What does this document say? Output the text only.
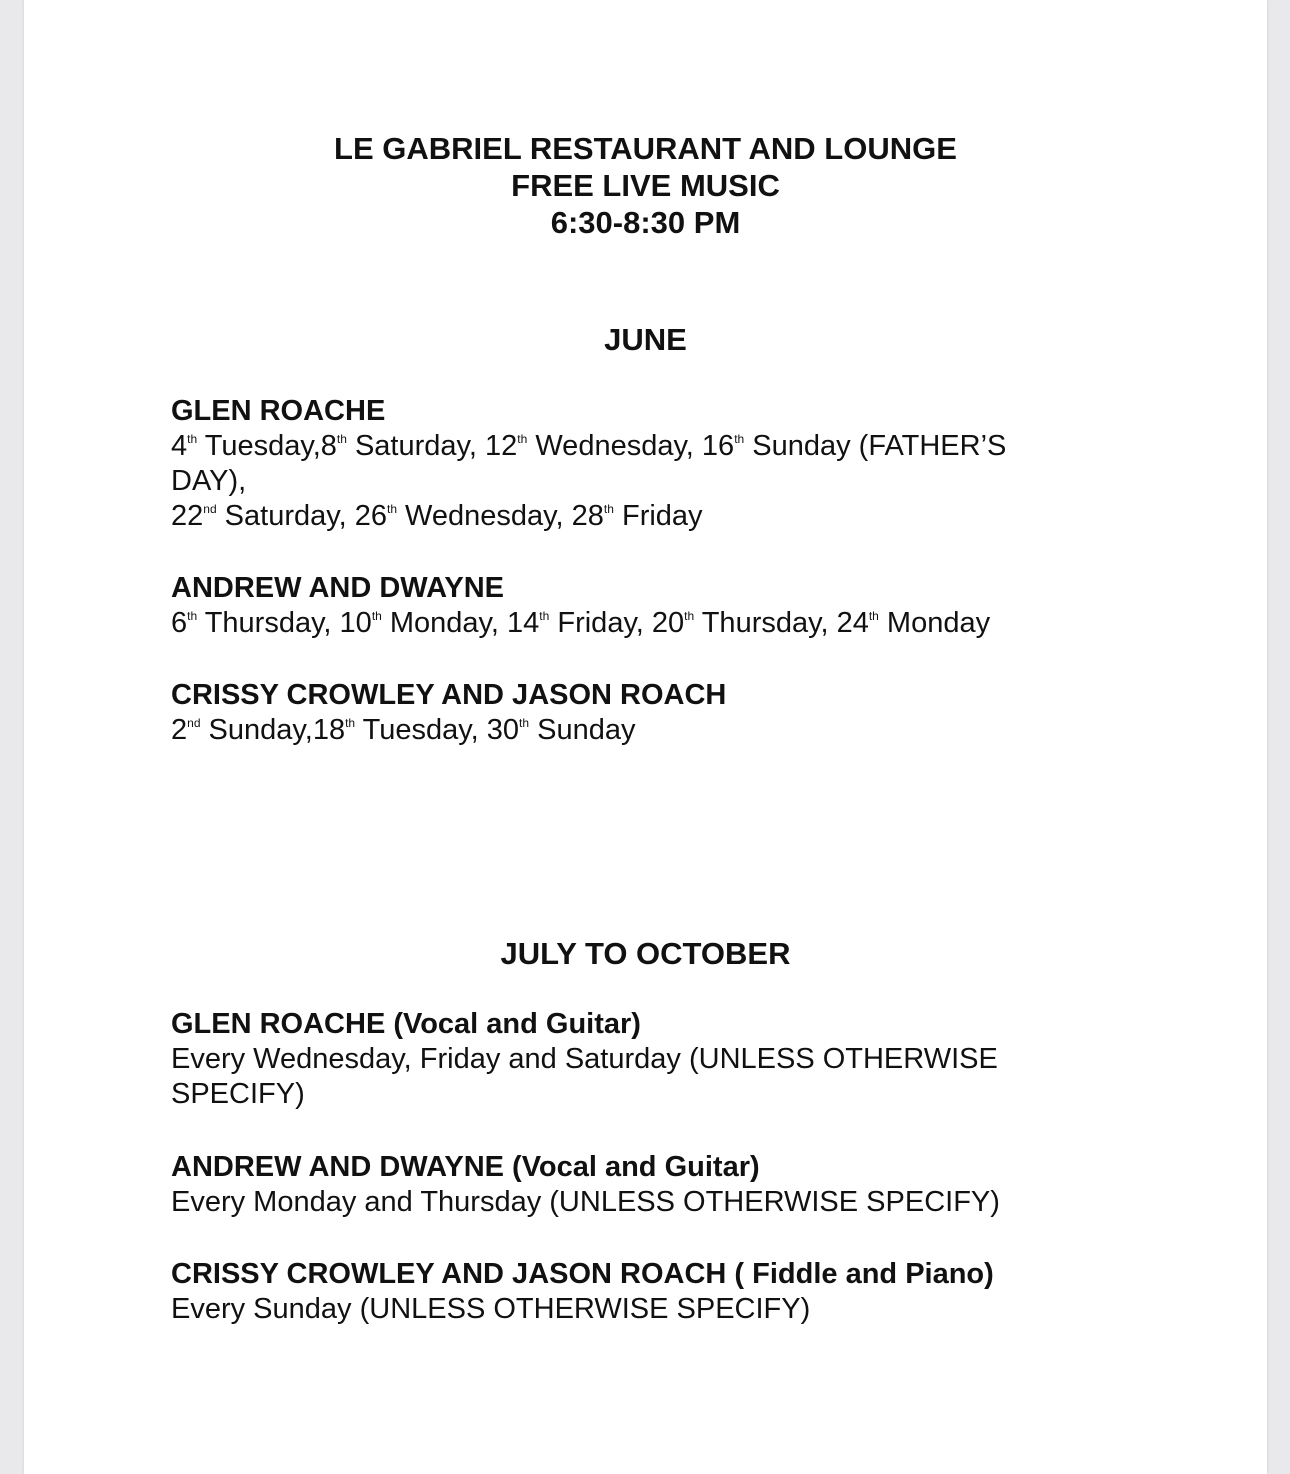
LE GABRIEL RESTAURANT AND LOUNGE
FREE LIVE MUSIC
6:30-8:30 PM
JUNE
GLEN ROACHE
4th Tuesday,8th Saturday, 12th Wednesday, 16th Sunday (FATHER’S
DAY),
22nd Saturday, 26th Wednesday, 28th Friday
ANDREW AND DWAYNE
6th Thursday, 10th Monday, 14th Friday, 20th Thursday, 24th Monday
CRISSY CROWLEY AND JASON ROACH
2nd Sunday,18th Tuesday, 30th Sunday
JULY TO OCTOBER
GLEN ROACHE (Vocal and Guitar)
Every Wednesday, Friday and Saturday (UNLESS OTHERWISE
SPECIFY)
ANDREW AND DWAYNE (Vocal and Guitar)
Every Monday and Thursday (UNLESS OTHERWISE SPECIFY)
CRISSY CROWLEY AND JASON ROACH ( Fiddle and Piano)
Every Sunday (UNLESS OTHERWISE SPECIFY)
